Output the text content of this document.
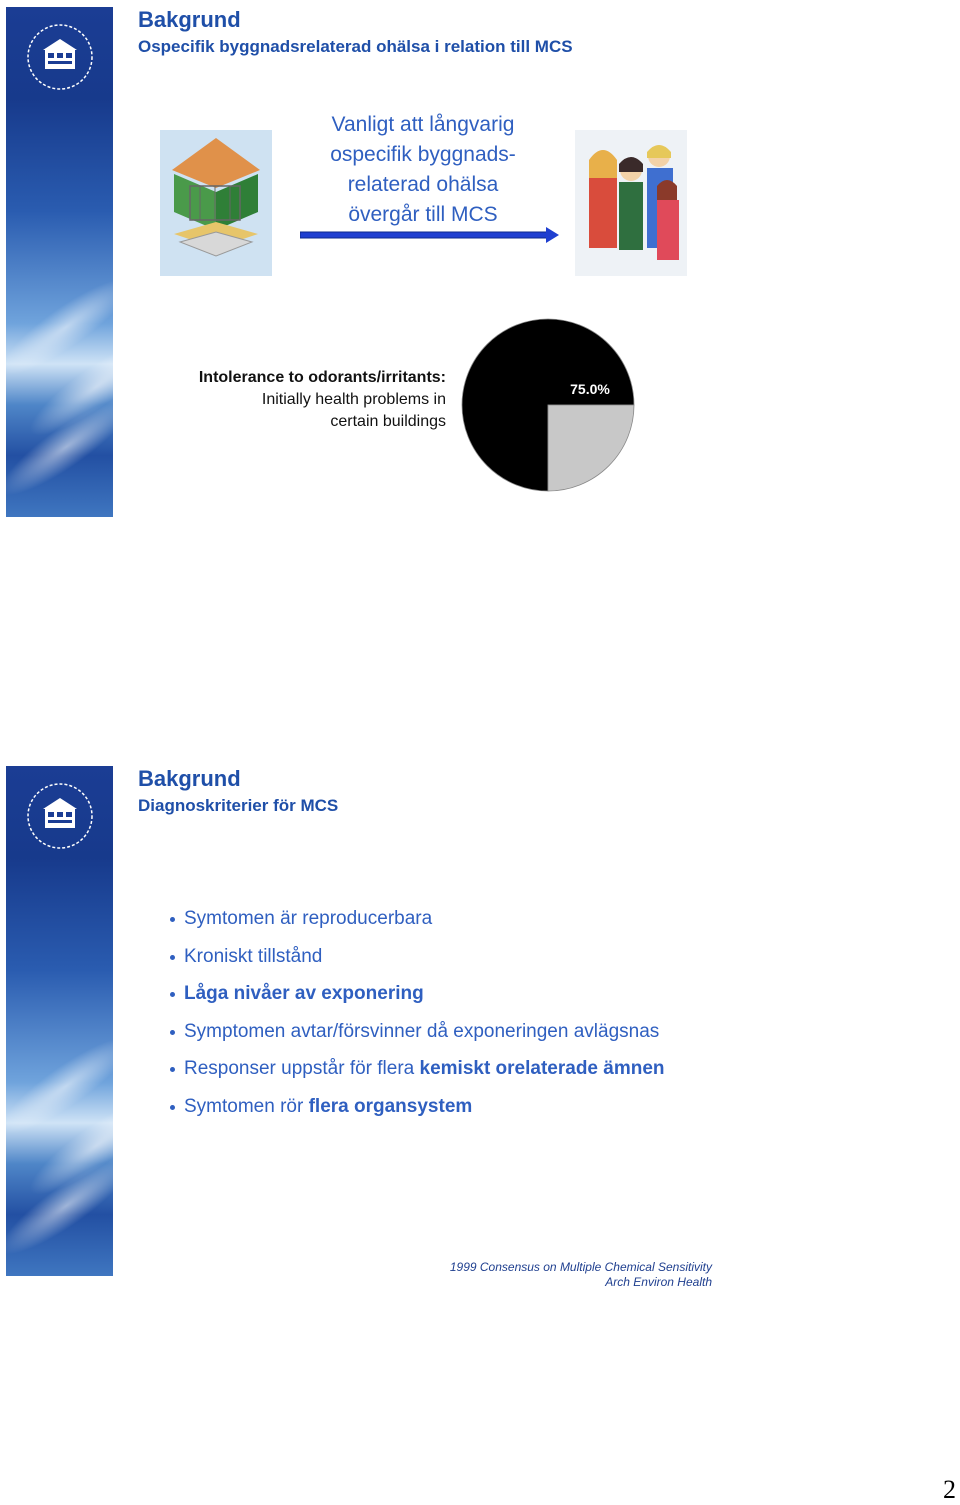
Bakgrund
Ospecifik byggnadsrelaterad ohälsa i relation till MCS
Vanligt att långvarig
ospecifik byggnads-
relaterad ohälsa
övergår till MCS
Intolerance to odorants/irritants:
Initially health problems in
certain buildings
75.0%
Bakgrund
Diagnoskriterier för MCS
Symtomen är reproducerbara
Kroniskt tillstånd
Låga nivåer av exponering
Symptomen avtar/försvinner då exponeringen avlägsnas
Responser uppstår för flera kemiskt orelaterade ämnen
Symtomen rör flera organsystem
1999 Consensus on Multiple Chemical Sensitivity
Arch Environ Health
2
